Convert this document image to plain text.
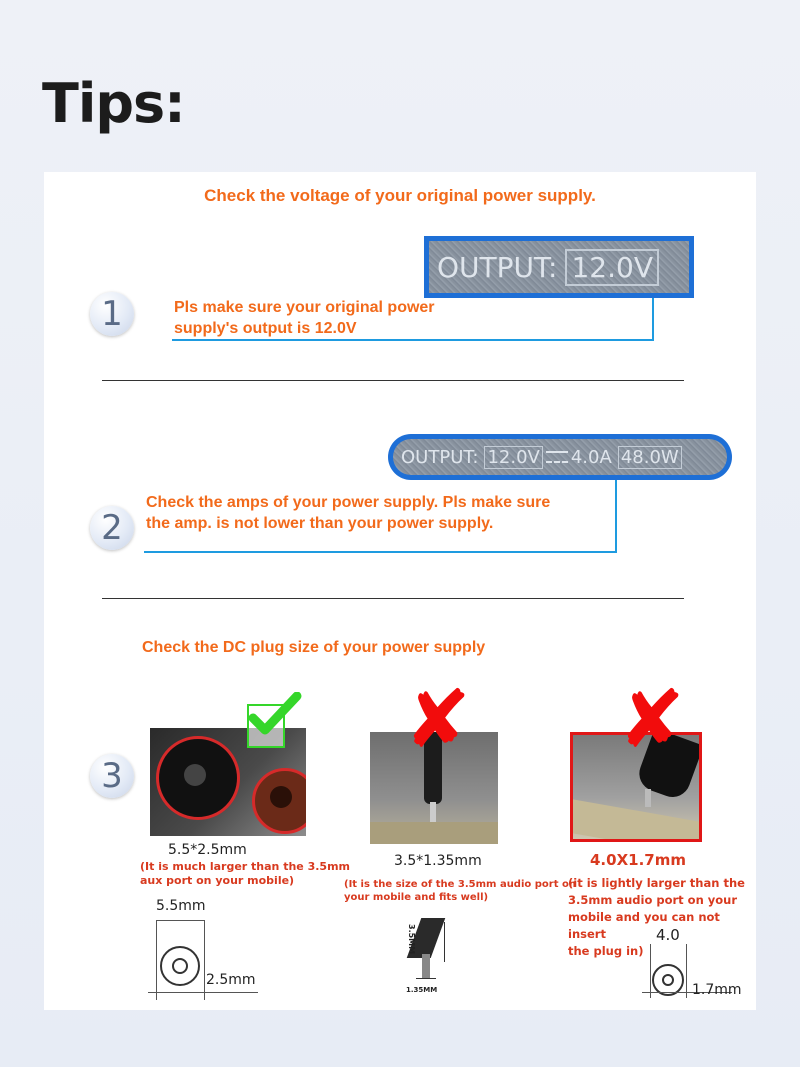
Tips:
Check the voltage of your original power supply.
OUTPUT: 12.0V
1	Pls make sure your original power
supply's output is 12.0V
OUTPUT: 12.0V 4.0A 48.0W
2
Check the amps of your power supply. Pls make sure
the amp. is not lower than your power supply.
Check the DC plug size of your power supply
3
5.5*2.5mm
(It is much larger than the 3.5mm
aux port on your mobile)
5.5mm
2.5mm
✘
3.5*1.35mm
(It is the size of the 3.5mm audio port on
your mobile and fits well)
3.5MM
1.35MM
✘
4.0X1.7mm
(it is lightly larger than the
3.5mm audio port on your
mobile and you can not insert
the plug in)
4.0
1.7mm
